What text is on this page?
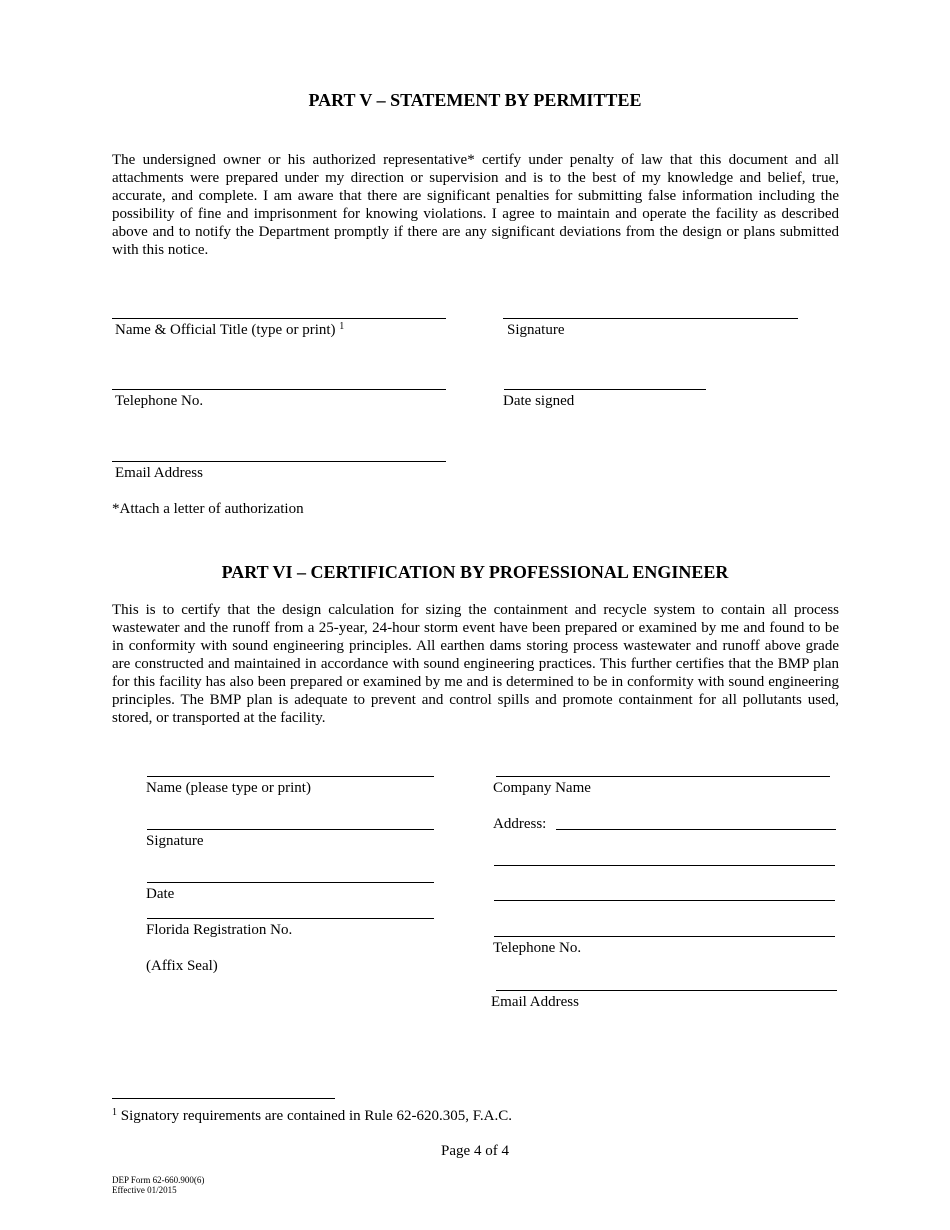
PART V – STATEMENT BY PERMITTEE
The undersigned owner or his authorized representative* certify under penalty of law that this document and all attachments were prepared under my direction or supervision and is to the best of my knowledge and belief, true, accurate, and complete. I am aware that there are significant penalties for submitting false information including the possibility of fine and imprisonment for knowing violations. I agree to maintain and operate the facility as described above and to notify the Department promptly if there are any significant deviations from the design or plans submitted with this notice.
Name & Official Title (type or print) $^1$	Signature
Telephone No.	Date signed
Email Address
*Attach a letter of authorization
PART VI – CERTIFICATION BY PROFESSIONAL ENGINEER
This is to certify that the design calculation for sizing the containment and recycle system to contain all process wastewater and the runoff from a 25-year, 24-hour storm event have been prepared or examined by me and found to be in conformity with sound engineering principles. All earthen dams storing process wastewater and runoff above grade are constructed and maintained in accordance with sound engineering practices. This further certifies that the BMP plan for this facility has also been prepared or examined by me and is determined to be in conformity with sound engineering principles. The BMP plan is adequate to prevent and control spills and promote containment for all pollutants used, stored, or transported at the facility.
Name (please type or print)
Signature
Date
Florida Registration No.
(Affix Seal)
Company Name
Address:
Telephone No.
Email Address
$^1$ Signatory requirements are contained in Rule 62-620.305, F.A.C.
Page 4 of 4
DEP Form 62-660.900(6)
Effective 01/2015
